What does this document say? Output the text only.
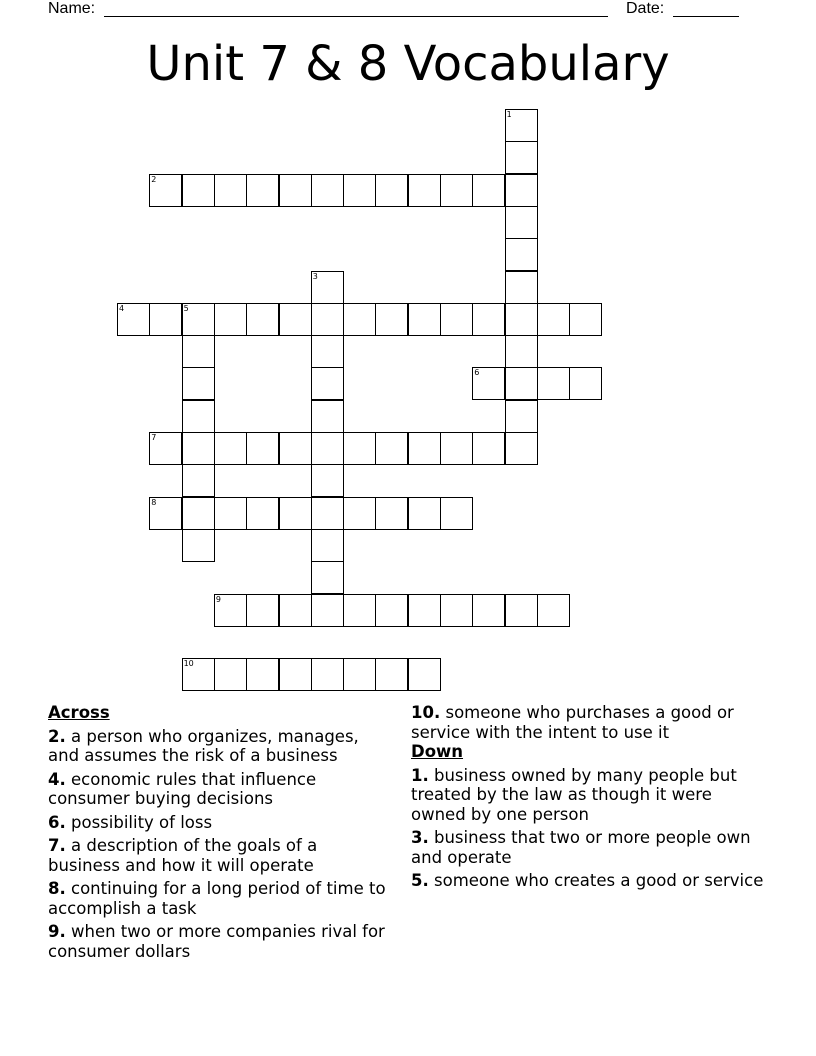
Name:	Date:
Unit 7 & 8 Vocabulary
1
2
3
4	5
6
7
8
9
10
Across
2. a person who organizes, manages, and assumes the risk of a business
4. economic rules that influence consumer buying decisions
6. possibility of loss
7. a description of the goals of a business and how it will operate
8. continuing for a long period of time to accomplish a task
9. when two or more companies rival for consumer dollars
10. someone who purchases a good or service with the intent to use it
Down
1. business owned by many people but treated by the law as though it were owned by one person
3. business that two or more people own and operate
5. someone who creates a good or service
